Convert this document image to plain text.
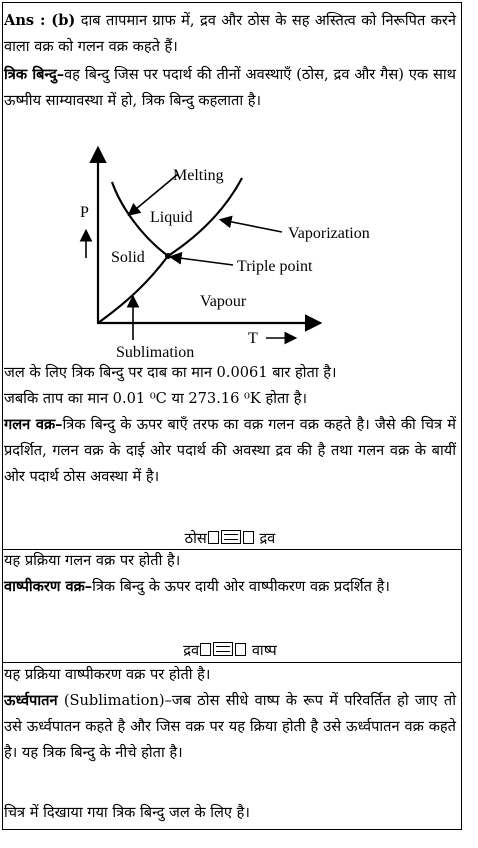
Ans : (b) दाब तापमान ग्राफ में, द्रव और ठोस के सह अस्तित्व को निरूपित करने वाला वक्र को गलन वक्र कहते हैं।

त्रिक बिन्दु–वह बिन्दु जिस पर पदार्थ की तीनों अवस्थाएँ (ठोस, द्रव और गैस) एक साथ ऊष्मीय साम्यावस्था में हो, त्रिक बिन्दु कहलाता है।

Melting
Liquid
Vaporization
Solid
Triple point
Vapour
Sublimation
P
T
जल के लिए त्रिक बिन्दु पर दाब का मान 0.0061 बार होता है।
जबकि ताप का मान 0.01 ⁰C या 273.16 ⁰K होता है।

गलन वक्र–त्रिक बिन्दु के ऊपर बाएँ तरफ का वक्र गलन वक्र कहते है। जैसे की चित्र में प्रदर्शित, गलन वक्र के दाई ओर पदार्थ की अवस्था द्रव की है तथा गलन वक्र के बायीं ओर पदार्थ ठोस अवस्था में है।

ठोस	द्रव
यह प्रक्रिया गलन वक्र पर होती है।

वाष्पीकरण वक्र–त्रिक बिन्दु के ऊपर दायी ओर वाष्पीकरण वक्र प्रदर्शित है।

द्रव	वाष्प
यह प्रक्रिया वाष्पीकरण वक्र पर होती है।

ऊर्ध्वपातन (Sublimation)–जब ठोस सीधे वाष्प के रूप में परिवर्तित हो जाए तो उसे ऊर्ध्वपातन कहते है और जिस वक्र पर यह क्रिया होती है उसे ऊर्ध्वपातन वक्र कहते है। यह त्रिक बिन्दु के नीचे होता है।

चित्र में दिखाया गया त्रिक बिन्दु जल के लिए है।
